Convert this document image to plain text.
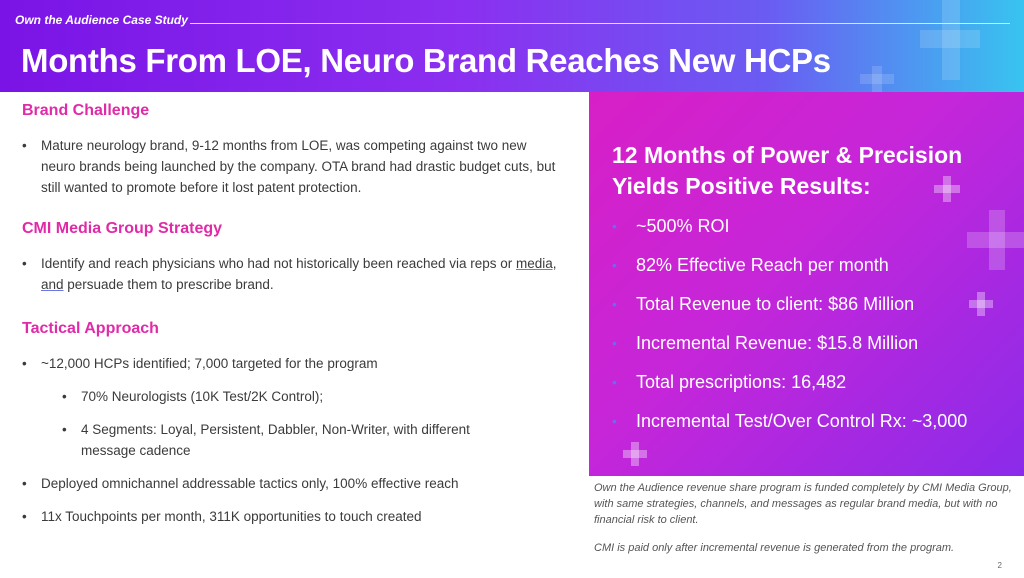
Own the Audience Case Study
Months From LOE, Neuro Brand Reaches New HCPs
Brand Challenge
• Mature neurology brand, 9-12 months from LOE, was competing against two new neuro brands being launched by the company. OTA brand had drastic budget cuts, but still wanted to promote before it lost patent protection.
CMI Media Group Strategy
• Identify and reach physicians who had not historically been reached via reps or media, and persuade them to prescribe brand.
Tactical Approach
• ~12,000 HCPs identified; 7,000 targeted for the program
• 70% Neurologists (10K Test/2K Control);
• 4 Segments: Loyal, Persistent, Dabbler, Non-Writer, with different message cadence
• Deployed omnichannel addressable tactics only, 100% effective reach
• 11x Touchpoints per month, 311K opportunities to touch created
12 Months of Power & Precision Yields Positive Results:
• ~500% ROI
• 82% Effective Reach per month
• Total Revenue to client: $86 Million
• Incremental Revenue: $15.8 Million
• Total prescriptions: 16,482
• Incremental Test/Over Control Rx: ~3,000
Own the Audience revenue share program is funded completely by CMI Media Group, with same strategies, channels, and messages as regular brand media, but with no financial risk to client.
CMI is paid only after incremental revenue is generated from the program.
2
